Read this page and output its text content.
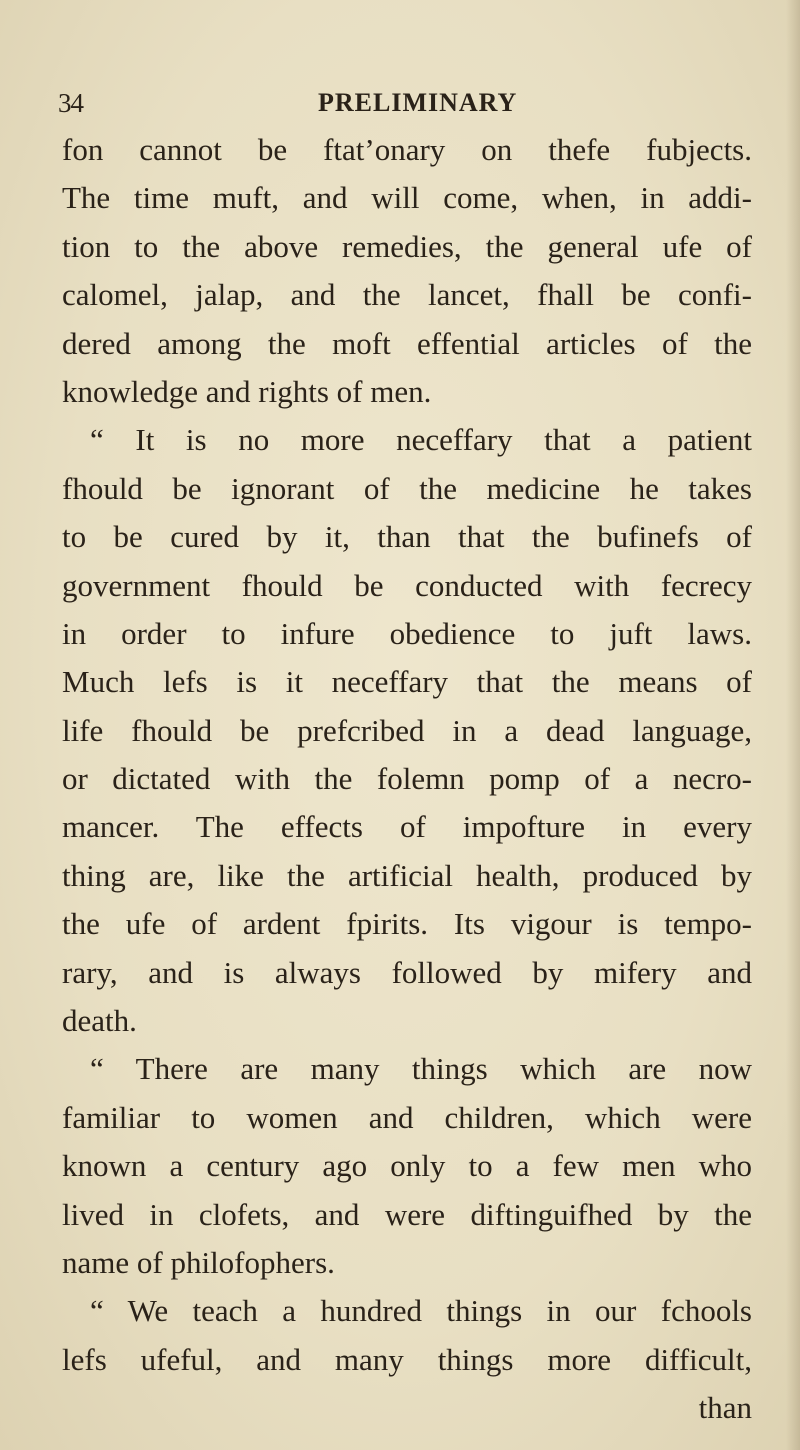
34	PRELIMINARY
fon cannot be ftat’onary on thefe fubjects.
The time muft, and will come, when, in addi-
tion to the above remedies, the general ufe of
calomel, jalap, and the lancet, fhall be confi-
dered among the moft effential articles of the
knowledge and rights of men.
“ It is no more neceffary that a patient
fhould be ignorant of the medicine he takes
to be cured by it, than that the bufinefs of
government fhould be conducted with fecrecy
in order to infure obedience to juft laws.
Much lefs is it neceffary that the means of
life fhould be prefcribed in a dead language,
or dictated with the folemn pomp of a necro-
mancer. The effects of impofture in every
thing are, like the artificial health, produced by
the ufe of ardent fpirits. Its vigour is tempo-
rary, and is always followed by mifery and
death.
“ There are many things which are now
familiar to women and children, which were
known a century ago only to a few men who
lived in clofets, and were diftinguifhed by the
name of philofophers.
“ We teach a hundred things in our fchools
lefs ufeful, and many things more difficult,
than
